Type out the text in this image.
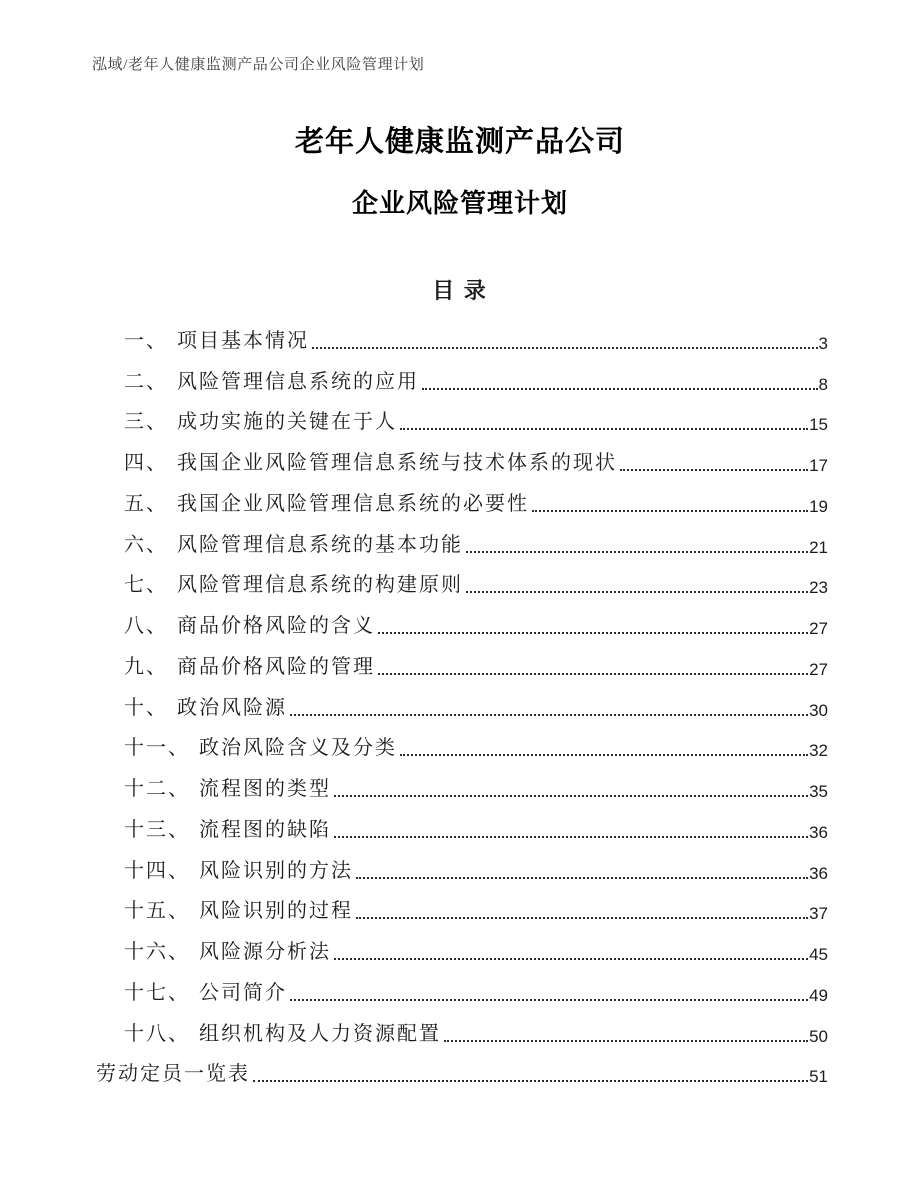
泓域/老年人健康监测产品公司企业风险管理计划
老年人健康监测产品公司
企业风险管理计划
目 录
一、 项目基本情况	3
二、 风险管理信息系统的应用	8
三、 成功实施的关键在于人	15
四、 我国企业风险管理信息系统与技术体系的现状	17
五、 我国企业风险管理信息系统的必要性	19
六、 风险管理信息系统的基本功能	21
七、 风险管理信息系统的构建原则	23
八、 商品价格风险的含义	27
九、 商品价格风险的管理	27
十、 政治风险源	30
十一、 政治风险含义及分类	32
十二、 流程图的类型	35
十三、 流程图的缺陷	36
十四、 风险识别的方法	36
十五、 风险识别的过程	37
十六、 风险源分析法	45
十七、 公司简介	49
十八、 组织机构及人力资源配置	50
劳动定员一览表	51
